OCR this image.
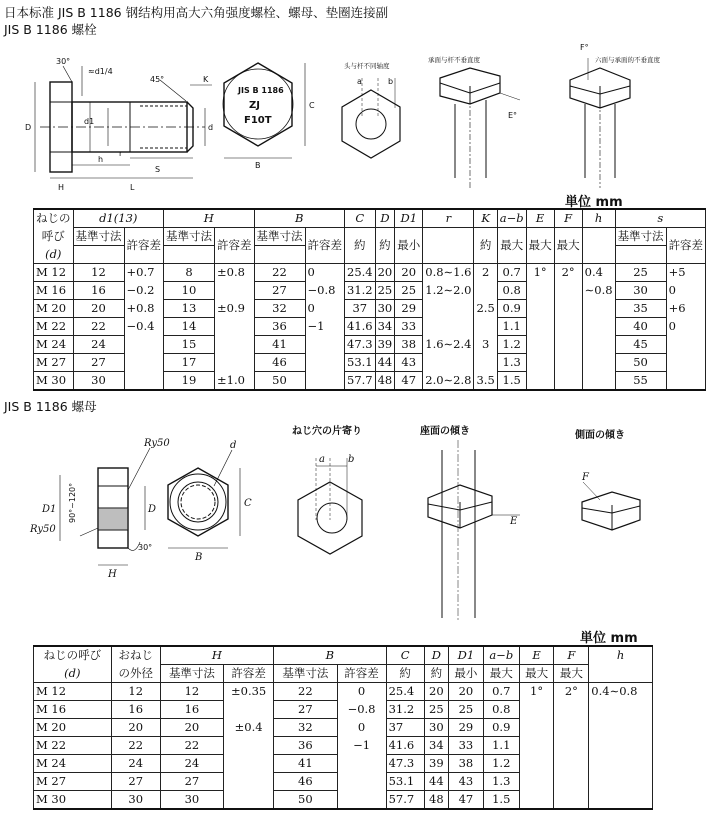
日本标准 JIS B 1186 钢结构用高大六角强度螺栓、螺母、垫圈连接副
JIS B 1186 螺栓
30°
≈d1/4
45°	K
D
d1
d
H
h
S
L
r
JIS B 1186
ZJ
F10T
B
C
头与杆不同轴度
a	b
承面与杆不垂直度
E°
F°
六面与承面的不垂直度
単位 mm
ねじの	d1(13)		H		B		C	D	D1	r	K	a−b	E	F	h	s	
呼び	基準寸法	許容差	基準寸法	許容差	基準寸法	許容差	約	約	最小		約	最大	最大	最大		基準寸法	許容差
(d)																	
M 12	12	+0.7	8	±0.8	22	0	25.4	20	20	0.8∼1.6	2	0.7	1°	2°	0.4	25	+5
M 16	16	−0.2	10		27	−0.8	31.2	25	25	1.2∼2.0		0.8			∼0.8	30	0
M 20	20	+0.8	13	±0.9	32	0	37	30	29		2.5	0.9				35	+6
M 22	22	−0.4	14		36	−1	41.6	34	33			1.1				40	0
M 24	24		15		41		47.3	39	38	1.6∼2.4	3	1.2				45	
M 27	27		17		46		53.1	44	43			1.3				50	
M 30	30		19	±1.0	50		57.7	48	47	2.0∼2.8	3.5	1.5				55	
JIS B 1186 螺母
Ry50
Ry50
D1 90°~120°	D
H
30°
d
B
C
ねじ穴の片寄り
a b
座面の傾き
E
側面の傾き
F
単位 mm
ねじの呼び	おねじ	H		B		C	D	D1	a−b	E	F	h
(d)	の外径	基準寸法	許容差	基準寸法	許容差	約	約	最小	最大	最大	最大	
M 12	12	12	±0.35	22	0	25.4	20	20	0.7	1°	2°	0.4∼0.8
M 16	16	16		27	−0.8	31.2	25	25	0.8			
M 20	20	20	±0.4	32	0	37	30	29	0.9			
M 22	22	22		36	−1	41.6	34	33	1.1			
M 24	24	24		41		47.3	39	38	1.2			
M 27	27	27		46		53.1	44	43	1.3			
M 30	30	30		50		57.7	48	47	1.5			
